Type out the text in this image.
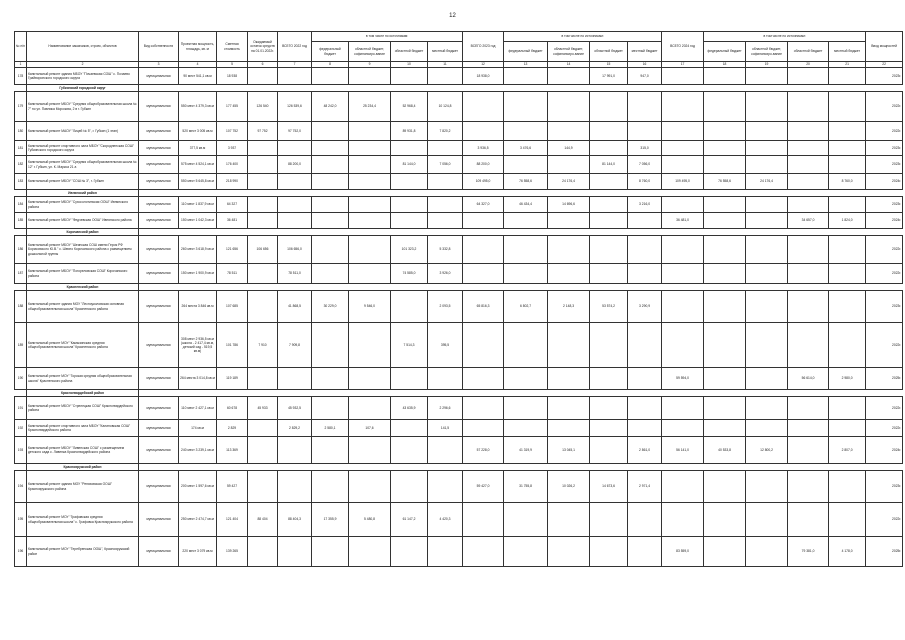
12
№ п/п	Наименование заказчиков, строек, объектов	Вид собственности	Проектная мощность, площадь, кв. м	Сметная стоимость	Ожидаемый остаток средств на 01.01.2022г.	ВСЕГО 2022 год	в том числе по источникам:				ВСЕГО 2023 год	в том числе по источникам:				ВСЕГО 2024 год	в том числе по источникам:				Ввод мощностей
							федеральный бюджет	областной бюджет, софинансиро-вание	областной бюджет	местный бюджет		федеральный бюджет	областной бюджет, софинансиро-вание	областной бюджет	местный бюджет		федеральный бюджет	областной бюджет, софинансиро-вание	областной бюджет	местный бюджет	
1	2	3	4	5	6	7	8	9	10	11	12	13	14	15	16	17	18	19	20	21	22
178	Капитальный ремонт здания МБОУ "Почаевская СОШ" с. Почаево Грайворонского городского округа	муниципальная	90 мест 541,1 кв.м	18 938							18 938,0			17 991,0	947,0						2023г.
	Губкинский городской округ																				
179	Капитальный ремонт МБОУ "Средняя общеобразовательная школа № 7" по ул. Павлика Морозова, 2 в г. Губкин	муниципальная	550 мест 4 379,3 кв.м	177 455	126 540	126 539,6	48 242,0	25 234,4	52 968,4	10 124,8											2022г.
180	Капитальный ремонт МАОУ "Лицей № 5", г. Губкин (1 этап)	муниципальная	520 мест 3 005 кв.м	107 752	97 752	97 752,0			89 931,8	7 820,2											2022г.
181	Капитальный ремонт спортивного зала МБОУ "Скородненская СОШ" Губкинского городского округа	муниципальная	377,5 кв.м	3 937							3 936,5	3 476,6	144,9		315,0						2023г.
182	Капитальный ремонт МБОУ "Средняя общеобразовательная школа № 12" г. Губкин, ул. К. Маркса 21 а	муниципальная	575 мест 4 524,1 кв.м	176 400		88 200,0			81 144,0	7 056,0	88 200,0			81 144,0	7 056,0						2023г.
183	Капитальный ремонт МБОУ "СОШ № 3", г. Губкин	муниципальная	550 мест 5 645,8 кв.м	218 990							109 495,0	76 558,6	24 176,4		8 760,0	109 495,0	76 558,6	24 176,4		8 760,0	2024г.
	Ивнянский район																				
184	Капитальный ремонт МБОУ "Сухосолотинская ООШ" Ивнянского района	муниципальная	110 мест 1 837,9 кв.м	64 327							64 327,0	46 434,4	14 696,6		3 216,0						2023г.
185	Капитальный ремонт МБОУ "Федчевская ООШ" Ивнянского района	муниципальная	150 мест 1 042,3 кв.м	36 481												36 481,0			34 657,0	1 824,0	2024г.
	Корочанский район																				
186	Капитальный ремонт МБОУ "Шеинская СОШ имени Героя РФ Борисовского Ю.В." с. Шеино Корочанского района с размещением дошкольной группы	муниципальная	260 мест 3 618,9 кв.м	121 656	106 656	106 656,0			101 323,2	5 332,8											2022г.
187	Капитальный ремонт МБОУ "Погореловская СОШ" Корочанского района	муниципальная	150 мест 1 900,9 кв.м	78 511		78 511,0			74 585,0	3 926,0											2022г.
	Красненский район																				
188	Капитальный ремонт здания МОУ "Лесноуколовская основная общеобразовательная школа" Красненского района	муниципальная	264 места 3 846 кв.м	107 685		41 868,5	30 229,0	9 546,0		2 093,5	65 816,3	6 802,7	2 148,3	53 574,2	3 290,9						2023г.
189	Капитальный ремонт МОУ "Камызинская средняя общеобразовательная школа" Красненского района	муниципальная	308 мест 2 936,5 кв.м (школа - 2 417,4 кв.м, детский сад - 519,5 кв.м)	101 786	7 910	7 909,8			7 514,3	395,5											2022г.
190	Капитальный ремонт МОУ "Горская средняя общеобразовательная школа" Красненского района	муниципальная	264 места 3 014,8 кв.м	119 189												59 594,0			56 614,0	2 980,0	2025г.
	Красногвардейский район																				
191	Капитальный ремонт МБОУ "Стрелецкая СОШ" Красногвардейского района	муниципальная	110 мест 2 427,1 кв.м	60 678	45 933	45 932,5			43 635,9	2 296,6											2022г.
192	Капитальный ремонт спортивного зала МБОУ "Калиновская СОШ" Красногвардейского района	муниципальная	174 кв.м	2 829		2 829,2	2 580,1	107,6		141,5											2022г.
193	Капитальный ремонт МБОУ "Ливенская СОШ" с размещением детского сада с. Ливенка Красногвардейского района	муниципальная	240 мест 3 239,1 кв.м	113 369							57 228,0	41 319,9	13 045,1		2 861,0	56 141,0	40 533,8	12 800,2		2 807,0	2024г.
	Краснояружский район																				
194	Капитальный ремонт здания МОУ "Репяховская ООШ" Краснояружского района	муниципальная	200 мест 1 597,6 кв.м	59 427							59 427,0	31 755,8	10 026,2	14 673,6	2 971,4						2023г.
195	Капитальный ремонт МОУ "Графовская средняя общеобразовательная школа" с. Графовка Краснояружского района	муниципальная	250 мест 2 474,7 кв.м	121 404	88 404	88 404,3	17 355,9	5 480,8	61 147,2	4 420,3											2022г.
196	Капитальный ремонт МОУ "Теребренская ООШ", Краснояружский район	муниципальная	220 мест 3 079 кв.м	139 265												83 559,0			79 381,0	4 178,0	2025г.
